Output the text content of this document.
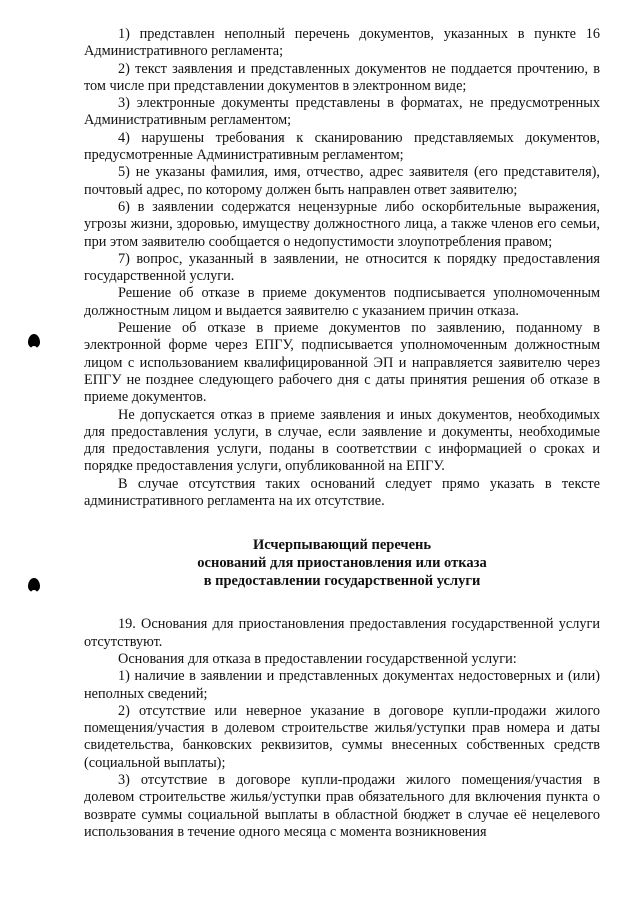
1) представлен неполный перечень документов, указанных в пункте 16 Административного регламента;

2) текст заявления и представленных документов не поддается прочтению, в том числе при представлении документов в электронном виде;

3) электронные документы представлены в форматах, не предусмотренных Административным регламентом;

4) нарушены требования к сканированию представляемых документов, предусмотренные Административным регламентом;

5) не указаны фамилия, имя, отчество, адрес заявителя (его представителя), почтовый адрес, по которому должен быть направлен ответ заявителю;

6) в заявлении содержатся нецензурные либо оскорбительные выражения, угрозы жизни, здоровью, имуществу должностного лица, а также членов его семьи, при этом заявителю сообщается о недопустимости злоупотребления правом;

7) вопрос, указанный в заявлении, не относится к порядку предоставления государственной услуги.

Решение об отказе в приеме документов подписывается уполномоченным должностным лицом и выдается заявителю с указанием причин отказа.

Решение об отказе в приеме документов по заявлению, поданному в электронной форме через ЕПГУ, подписывается уполномоченным должностным лицом с использованием квалифицированной ЭП и направляется заявителю через ЕПГУ не позднее следующего рабочего дня с даты принятия решения об отказе в приеме документов.

Не допускается отказ в приеме заявления и иных документов, необходимых для предоставления услуги, в случае, если заявление и документы, необходимые для предоставления услуги, поданы в соответствии с информацией о сроках и порядке предоставления услуги, опубликованной на ЕПГУ.

В случае отсутствия таких оснований следует прямо указать в тексте административного регламента на их отсутствие.

Исчерпывающий перечень
оснований для приостановления или отказа
в предоставлении государственной услуги

19. Основания для приостановления предоставления государственной услуги отсутствуют.

Основания для отказа в предоставлении государственной услуги:

1) наличие в заявлении и представленных документах недостоверных и (или) неполных сведений;

2) отсутствие или неверное указание в договоре купли-продажи жилого помещения/участия в долевом строительстве жилья/уступки прав номера и даты свидетельства, банковских реквизитов, суммы внесенных собственных средств (социальной выплаты);

3) отсутствие в договоре купли-продажи жилого помещения/участия в долевом строительстве жилья/уступки прав обязательного для включения пункта о возврате суммы социальной выплаты в областной бюджет в случае её нецелевого использования в течение одного месяца с момента возникновения
